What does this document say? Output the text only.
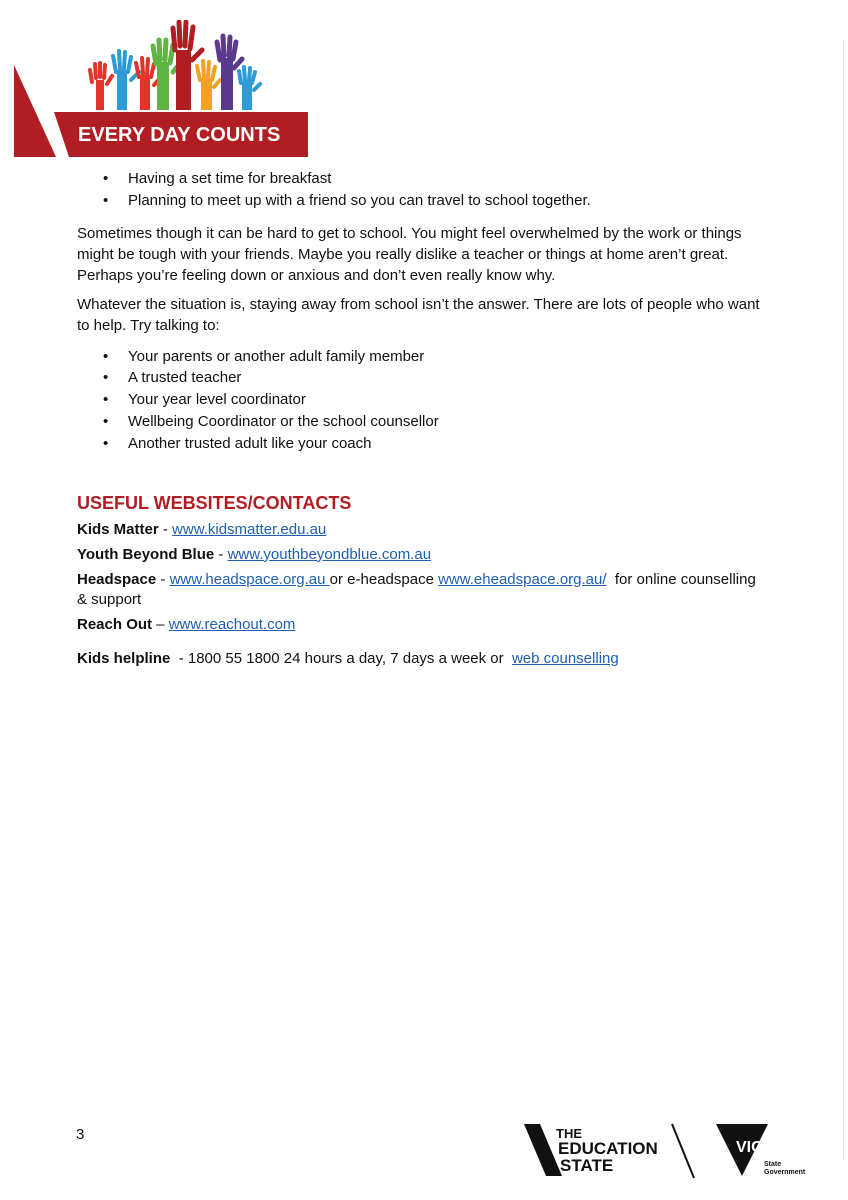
EVERY DAY COUNTS
• Having a set time for breakfast
• Planning to meet up with a friend so you can travel to school together.

Sometimes though it can be hard to get to school. You might feel overwhelmed by the work or things might be tough with your friends. Maybe you really dislike a teacher or things at home aren’t great. Perhaps you’re feeling down or anxious and don’t even really know why.

Whatever the situation is, staying away from school isn’t the answer. There are lots of people who want to help. Try talking to:

• Your parents or another adult family member
• A trusted teacher
• Your year level coordinator
• Wellbeing Coordinator or the school counsellor
• Another trusted adult like your coach
USEFUL WEBSITES/CONTACTS
Kids Matter - www.kidsmatter.edu.au
Youth Beyond Blue - www.youthbeyondblue.com.au
Headspace - www.headspace.org.au or e-headspace www.eheadspace.org.au/  for online counselling & support
Reach Out – www.reachout.com
Kids helpline  - 1800 55 1800 24 hours a day, 7 days a week or  web counselling
3	THE
EDUCATION
STATE
VICTORIA
State
Government
